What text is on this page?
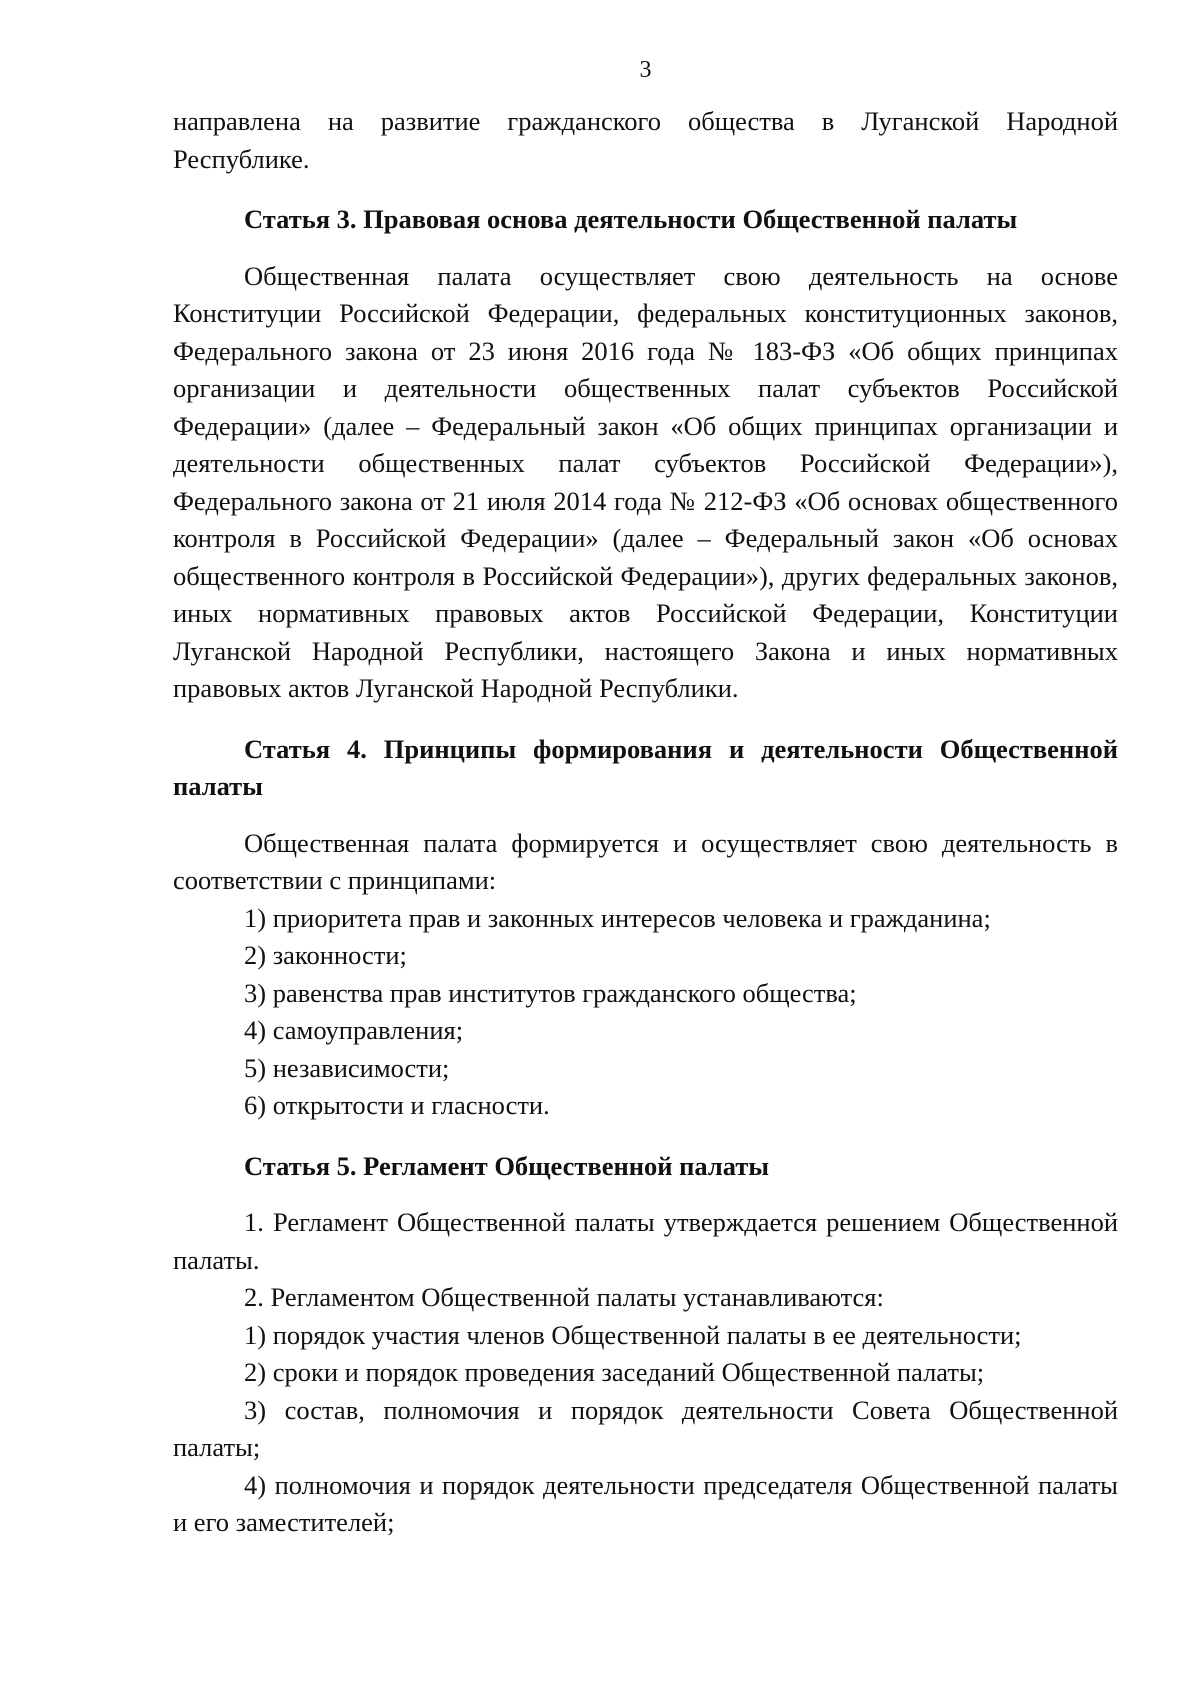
3

направлена на развитие гражданского общества в Луганской Народной Республике.

Статья 3. Правовая основа деятельности Общественной палаты

Общественная палата осуществляет свою деятельность на основе Конституции Российской Федерации, федеральных конституционных законов, Федерального закона от 23 июня 2016 года № 183-ФЗ «Об общих принципах организации и деятельности общественных палат субъектов Российской Федерации» (далее – Федеральный закон «Об общих принципах организации и деятельности общественных палат субъектов Российской Федерации»), Федерального закона от 21 июля 2014 года № 212-ФЗ «Об основах общественного контроля в Российской Федерации» (далее – Федеральный закон «Об основах общественного контроля в Российской Федерации»), других федеральных законов, иных нормативных правовых актов Российской Федерации, Конституции Луганской Народной Республики, настоящего Закона и иных нормативных правовых актов Луганской Народной Республики.

Статья 4. Принципы формирования и деятельности Общественной палаты

Общественная палата формируется и осуществляет свою деятельность в соответствии с принципами:

1) приоритета прав и законных интересов человека и гражданина;

2) законности;

3) равенства прав институтов гражданского общества;

4) самоуправления;

5) независимости;

6) открытости и гласности.

Статья 5. Регламент Общественной палаты

1. Регламент Общественной палаты утверждается решением Общественной палаты.

2. Регламентом Общественной палаты устанавливаются:

1) порядок участия членов Общественной палаты в ее деятельности;

2) сроки и порядок проведения заседаний Общественной палаты;

3) состав, полномочия и порядок деятельности Совета Общественной палаты;

4) полномочия и порядок деятельности председателя Общественной палаты и его заместителей;
